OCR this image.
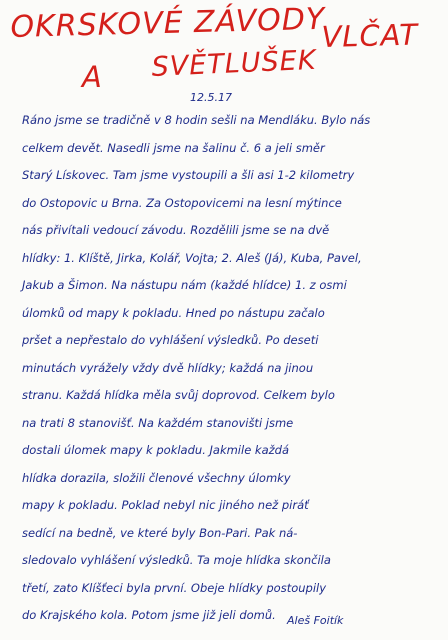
OKRSKOVÉ ZÁVODY
VLČAT
A SVĚTLUŠEK
12.5.17

Ráno jsme se tradičně v 8 hodin sešli na Mendláku. Bylo nás

celkem devět. Nasedli jsme na šalinu č. 6 a jeli směr

Starý Lískovec. Tam jsme vystoupili a šli asi 1-2 kilometry

do Ostopovic u Brna. Za Ostopovicemi na lesní mýtince

nás přivítali vedoucí závodu. Rozdělili jsme se na dvě

hlídky: 1. Klíště, Jirka, Kolář, Vojta; 2. Aleš (Já), Kuba, Pavel,

Jakub a Šimon. Na nástupu nám (každé hlídce) 1. z osmi

úlomků od mapy k pokladu. Hned po nástupu začalo

pršet a nepřestalo do vyhlášení výsledků. Po deseti

minutách vyrážely vždy dvě hlídky; každá na jinou

stranu. Každá hlídka měla svůj doprovod. Celkem bylo

na trati 8 stanovišť. Na každém stanovišti jsme

dostali úlomek mapy k pokladu. Jakmile každá

hlídka dorazila, složili členové všechny úlomky

mapy k pokladu. Poklad nebyl nic jiného než piráť

sedící na bedně, ve které byly Bon-Pari. Pak ná-

sledovalo vyhlášení výsledků. Ta moje hlídka skončila

třetí, zato Klíšťeci byla první. Obeje hlídky postoupily

do Krajského kola. Potom jsme již jeli domů. Aleš Foitík
